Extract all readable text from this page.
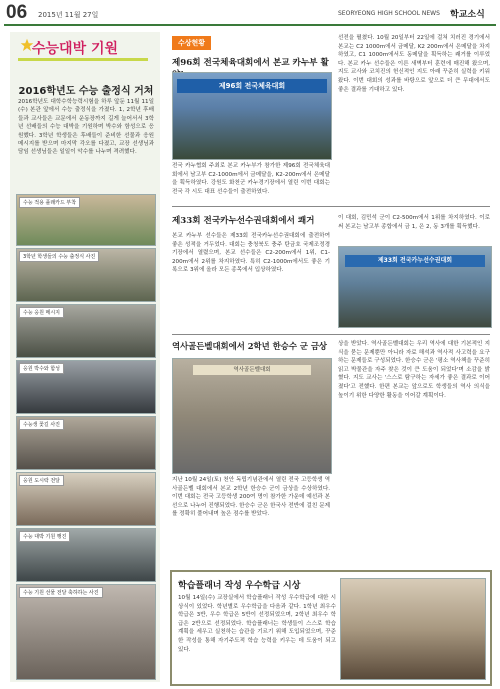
06 2015년 11월 27일	SEORYEONG HIGH SCHOOL NEWS 학교소식
수능대박 기원
2016학년도 수능 출정식 거쳐
2016학년도 대학수학능력시험을 하루 앞둔 11월 11일(수) 본관 앞에서 수능 출정식을 가졌다. 1, 2학년 후배들과 교사들은 교문에서 운동장까지 길게 늘어서서 3학년 선배들의 수능 대박을 기원하며 박수와 함성으로 응원했다. 3학년 학생들은 후배들이 준비한 선물과 응원 메시지를 받으며 마지막 각오를 다졌고, 교장 선생님과 담임 선생님들은 일일이 악수를 나누며 격려했다.
수능 적용 플래카드 부착
3학년 학생들의 수능 출정식 사진
수능 응원 메시지
응원 박수와 함성
수능생 꽃길 사진
응원 도시락 전달
수능 대박 기원 행진
수능 기원 선물 전달 축하하는 사진
수상현황
제96회 전국체육대회에서 본교 카누부 활
제96회 전국체육대회
전국 카누협회 주최로 본교 카누부가 참가한 제96회 전국체육대회에서 남고부 C2-1000m에서 금메달을, K2-200m에서 은메달을 획득하였다. 강원도 화천군 카누경기장에서 열린 이번 대회는 전국 각 시도 대표 선수들이 출전하였다.
선전을 펼쳤다. 10월 20일부터 22일에 걸쳐 치러진 경기에서 본교는 C2 1000m에서 금메달, K2 200m에서 은메달을 차지하였고, C1 1000m에서도 동메달을 획득하는 쾌거를 이루었다. 본교 카누 선수들은 이른 새벽부터 훈련에 매진해 왔으며, 지도 교사와 코치진의 헌신적인 지도 아래 꾸준히 실력을 키워 왔다. 이번 대회의 성과를 바탕으로 앞으로 더 큰 무대에서도 좋은 결과를 기대하고 있다.
제33회 전국카누선수권대회에서 쾌거
본교 카누부 선수들은 제33회 전국카누선수권대회에 출전하여 좋은 성적을 거두었다. 대회는 충청북도 충주 탄금호 국제조정경기장에서 열렸으며, 본교 선수들은 C2-200m에서 1위, C1-200m에서 2위를 차지하였다. 특히 C2-1000m에서도 좋은 기록으로 3위에 올라 모든 종목에서 입상하였다.
이 대회, 김민석 군이 C2-500m에서 1위를 차지하였다. 이로써 본교는 남고부 종합에서 금 1, 은 2, 동 3개를 획득했다.
제33회 전국카누선수권대회
역사골든벨대회에서 2학년 한승수 군 금상
역사골든벨대회
지난 10월 24일(토) 천안 독립기념관에서 열린 전국 고등학생 역사골든벨 대회에서 본교 2학년 한승수 군이 금상을 수상하였다. 이번 대회는 전국 고등학생 200여 명이 참가한 가운데 예선과 본선으로 나누어 진행되었다. 한승수 군은 한국사 전반에 걸친 문제를 정확히 풀어내며 높은 점수를 받았다.
상을 받았다. 역사골든벨대회는 우리 역사에 대한 기본적인 지식을 묻는 문제뿐만 아니라 자료 해석과 역사적 사고력을 요구하는 문제들로 구성되었다. 한승수 군은 '평소 역사책을 꾸준히 읽고 박물관을 자주 찾은 것이 큰 도움이 되었다'며 소감을 밝혔다. 지도 교사는 '스스로 탐구하는 자세가 좋은 결과로 이어졌다'고 전했다. 한편 본교는 앞으로도 학생들의 역사 의식을 높이기 위한 다양한 활동을 이어갈 계획이다.
학습플래너 작성 우수학급 시상
10월 14일(수) 교장실에서 학습플래너 작성 우수학급에 대한 시상식이 있었다. 학년별로 우수학급을 다음과 같다. 1학년 최우수 학급은 3반, 우수 학급은 5반이 선정되었으며, 2학년 최우수 학급은 2반으로 선정되었다. 학습플래너는 학생들이 스스로 학습 계획을 세우고 실천하는 습관을 기르기 위해 도입되었으며, 꾸준한 작성을 통해 자기주도적 학습 능력을 키우는 데 도움이 되고 있다.
